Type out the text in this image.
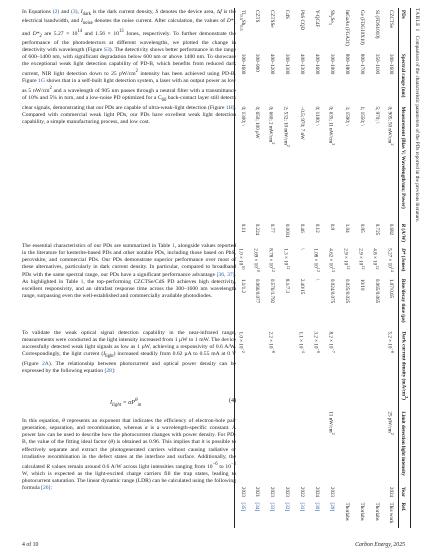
In Equations (2) and (3), $I_{dark}$ is the dark current density, S denotes the device area, Δf is the electrical bandwidth, and $I_{noise}$ denotes the noise current. After calculation, the values of $D*_1$ and $D*_2$ are $5.27 \times 10^{14}$ and $1.56 \times 10^{13}$ Jones, respectively. To further demonstrate the performance of the photodetectors at different wavelengths, we plotted the change in detectivity with wavelength (Figure S3). The detectivity shows better performance in the range of 600–1400 nm, with significant degradation below 600 nm or above 1400 nm. To showcase the exceptional weak light detection capability of PD-B, which benefits from reduced dark current, NIR light detection down to 25 $pW/cm^2$ intensity has been achieved using PD-B. Figure 1G shows that in a self-built light detection system, a laser with an output power as low as 5 $nW/cm^2$ and a wavelength of 905 nm passes through a neutral filter with a transmittance of 10% and 5% in turn, and a low-noise PD optimized for a $C_{60}$ back-contact layer still detects clear signals, demonstrating that our PDs are capable of ultra-weak-light detection (Figure 1H). Compared with commercial weak light PDs, our PDs have excellent weak light detection capability, a simple manufacturing process, and low cost.

The essential characteristics of our PDs are summarized in Table 1, alongside values reported in the literature for kesterite-based PDs and other notable PDs, including those based on PbS, perovskite, and commercial PDs. Our PDs demonstrate superior performance over most of these alternatives, particularly in dark current density. In particular, compared to broadband PDs with the same spectral range, our PDs have a significant performance advantage [36, 37]. As highlighted in Table 1, the top-performing CZCTSe/CdS PD achieves high detectivity, excellent responsivity, and an ultrafast response time across the 300–1600 nm wavelength range, surpassing even the well-established and commercially available photodiodes.

To validate the weak optical signal detection capability in the near-infrared range, measurements were conducted as the light intensity increased from 1 µW to 1 mW. The device successfully detected weak light signals as low as 1 µW, achieving a responsivity of 0.6 A/W. Correspondingly, the light current $(I_{light})$ increased steadily from 0.62 µA to 0.55 mA at 0 V (Figure 2A). The relationship between photocurrent and optical power density can be expressed by the following equation [28]:

$I_{light} = \alpha P^\theta_{in}$
(4)

In this equation, θ represents an exponent that indicates the efficiency of electron-hole pair generation, separation, and recombination, whereas α is a wavelength-specific constant. A power law can be used to describe how the photocurrent changes with power density. For PD-B, the value of the fitting ideal factor (θ) is obtained as 0.96. This implies that it is possible to effectively separate and extract the photogenerated carriers without causing radiative or irradiative recombination in the defect states at the interface and surface. Additionally, the calculated R values remain around 0.6 A/W across light intensities ranging from $10^{-6}$ to $10^{-3}$ W, which is expected as the light-excited charge carriers fill the trap states, leading to photocurrent saturation. The linear dynamic range (LDR) can be calculated using the following formula [26]:

TABLE 1   Comparison of the characteristic parameters of the PDs reported in the previous literature.
PDs	Spectral range (nm)	Measurement (Bias V; Wavelength/nm; Power)	R (A/W)	D* (Jones)	Rise/decay time (µs)	Dark current density $(mA/cm^2)$	Limit detection light intensity	Year	Ref.
CZCTSe	300–1600	0; 905; 50 $nW/cm^2$	0.682	$5.27 \times 10^{14}$	1.07/0.65	$5.2 \times 10^{-8}$	25 $pW/cm^2$	2024	This work
Si (FDS1010)	350–1100	5; 970; \	0.725	$4.8 \times 10^{12}$	0.065/0.065				Thorlabs
Ge (FDG10X10)	800–1700	1; 1550; \	0.95	$2.9 \times 10^{12}$	10/10				Thorlabs
InGaAs (FGA21)	800–1800	3; 1590; \	1.04	$2.9 \times 10^{12}$	0.025/0.025				Thorlabs
$Sb_2Se_3$	300–1000	0; 635; 11 $nW/cm^2$	0.9	$4.62 \times 10^{13}$	0.024/0.075	$8.2 \times 10^{-7}$	11 $nW/cm^2$	2023	[29]
Y-QC4F	400–1600	0; 1100; \	0.12	$1.08 \times 10^{12}$	\	$3.2 \times 10^{-9}$		2024	[30]
PbS CQD	400–1300	−0.5; 970; 7 nW	0.46	\	2.40/15	$1.1 \times 10^{-4}$		2022	[31]
CdS	300–1300	2; 532; 10 $mW/cm^2$	0.0031	$1.3 \times 10^{12}$	8.1/7.3			2023	[32]
CZTSSe	400–1200	0; 660; 2 $mW/cm^2$	0.77	$8.78 \times 10^{12}$	0.576/1.792	$2.2 \times 10^{-8}$		2023	[33]
CZTS	300–900	0; 650; 100 µW	0.224	$2.69 \times 10^{10}$	0.066/0.077			2021	[34]
$Tl_{0.5}Sb_{0.5}$	300–1600	0; 1300; \	0.11	$1.0 \times 10^{10}$	1.1/1.2	$1.0 \times 10^{-2}$		2023	[35]
4 of 10	Carbon Energy, 2025
